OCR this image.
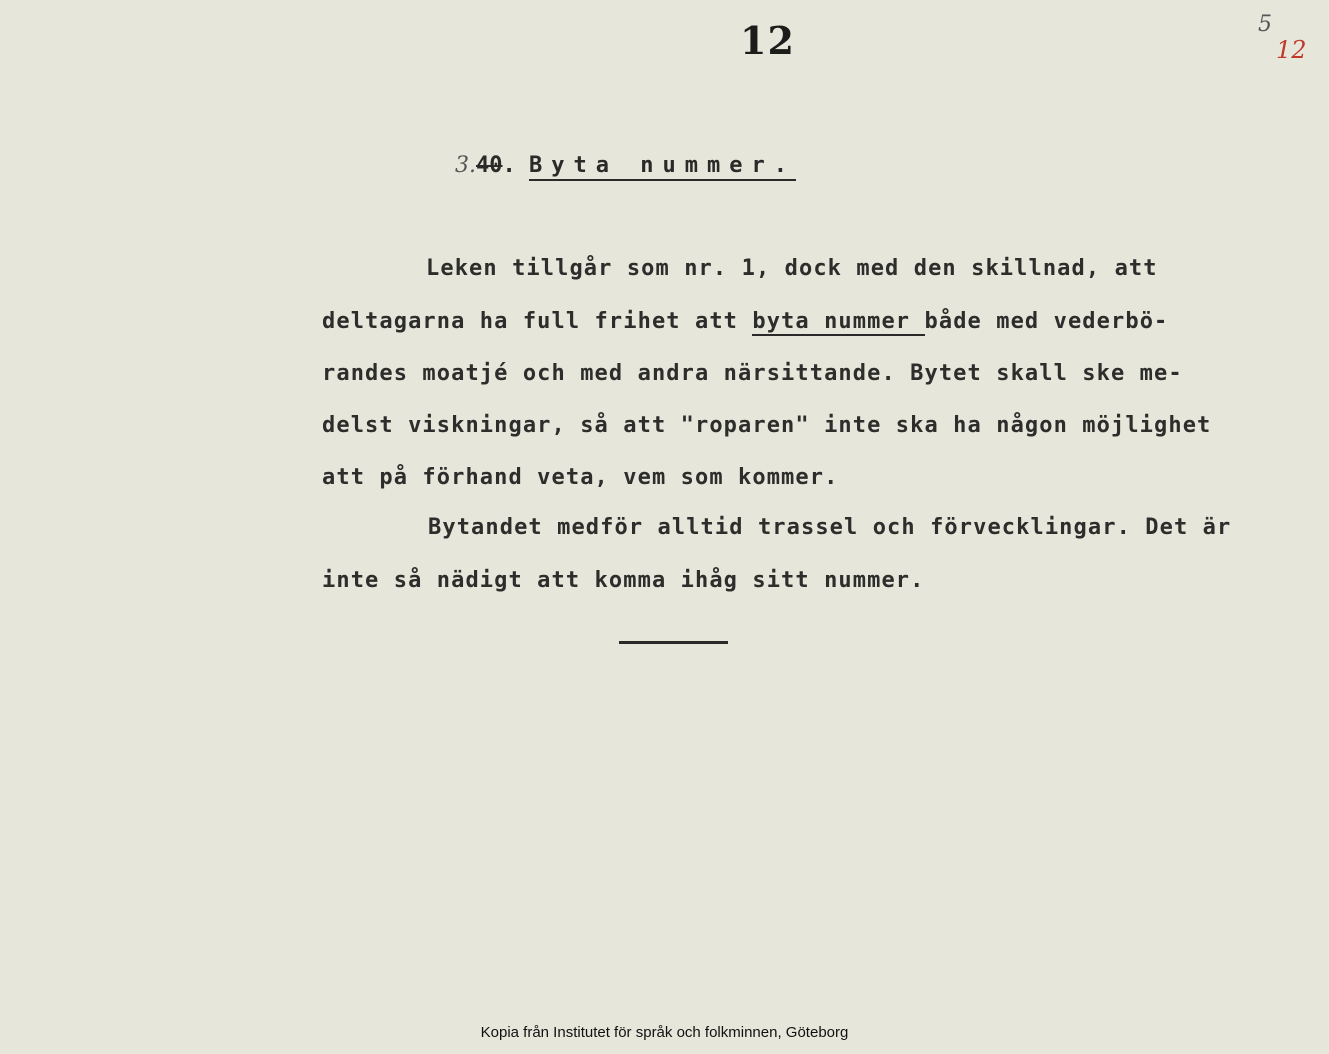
12	5
12
3.40. Byta nummer.
Leken tillgår som nr. 1, dock med den skillnad, att
deltagarna ha full frihet att byta nummer både med vederbö-
randes moatjé och med andra närsittande. Bytet skall ske me-
delst viskningar, så att "roparen" inte ska ha någon möjlighet
att på förhand veta, vem som kommer.
Bytandet medför alltid trassel och förvecklingar. Det är
inte så nädigt att komma ihåg sitt nummer.
Kopia från Institutet för språk och folkminnen, Göteborg
